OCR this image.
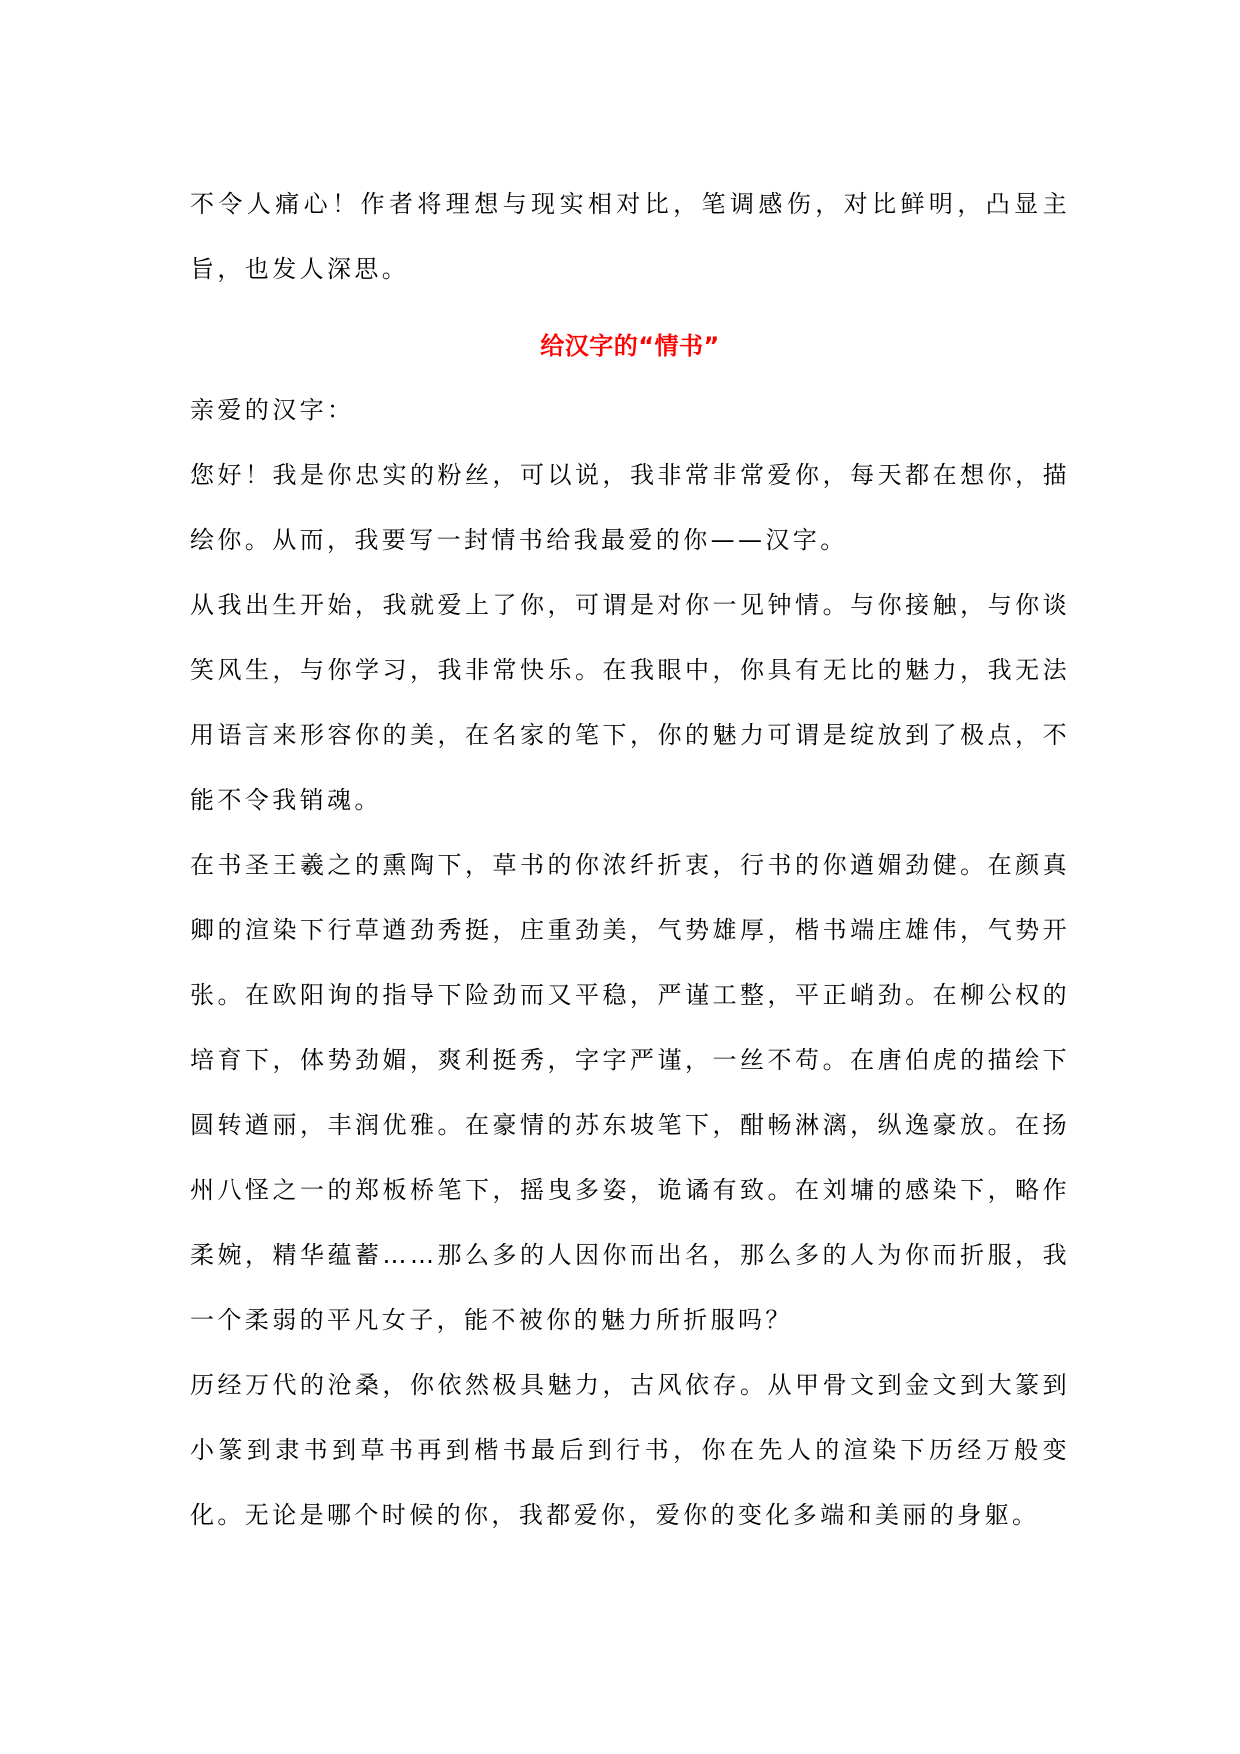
不令人痛心！作者将理想与现实相对比，笔调感伤，对比鲜明，凸显主旨，也发人深思。

给汉字的“情书”

亲爱的汉字：

您好！我是你忠实的粉丝，可以说，我非常非常爱你，每天都在想你，描绘你。从而，我要写一封情书给我最爱的你——汉字。

从我出生开始，我就爱上了你，可谓是对你一见钟情。与你接触，与你谈笑风生，与你学习，我非常快乐。在我眼中，你具有无比的魅力，我无法用语言来形容你的美，在名家的笔下，你的魅力可谓是绽放到了极点，不能不令我销魂。

在书圣王羲之的熏陶下，草书的你浓纤折衷，行书的你遒媚劲健。在颜真卿的渲染下行草遒劲秀挺，庄重劲美，气势雄厚，楷书端庄雄伟，气势开张。在欧阳询的指导下险劲而又平稳，严谨工整，平正峭劲。在柳公权的培育下，体势劲媚，爽利挺秀，字字严谨，一丝不苟。在唐伯虎的描绘下圆转遒丽，丰润优雅。在豪情的苏东坡笔下，酣畅淋漓，纵逸豪放。在扬州八怪之一的郑板桥笔下，摇曳多姿，诡谲有致。在刘墉的感染下，略作柔婉，精华蕴蓄……那么多的人因你而出名，那么多的人为你而折服，我一个柔弱的平凡女子，能不被你的魅力所折服吗？

历经万代的沧桑，你依然极具魅力，古风依存。从甲骨文到金文到大篆到小篆到隶书到草书再到楷书最后到行书，你在先人的渲染下历经万般变化。无论是哪个时候的你，我都爱你，爱你的变化多端和美丽的身躯。
